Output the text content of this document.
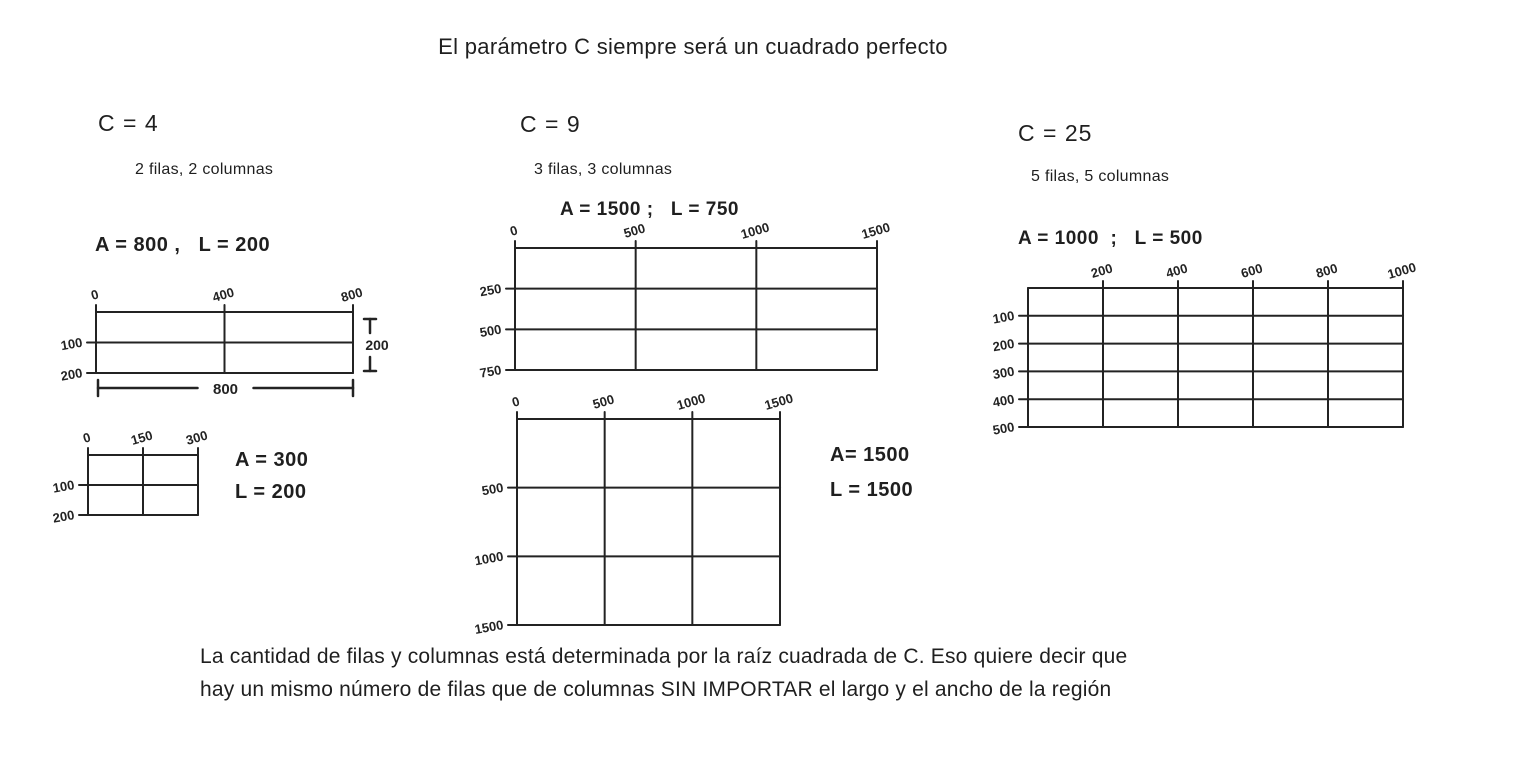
El parámetro C siempre será un cuadrado perfecto
C = 4
2 filas, 2 columnas
A = 800 ,   L = 200
C = 9
3 filas, 3 columnas
A = 1500 ;   L = 750
C = 25
5 filas, 5 columnas
A = 1000  ;   L = 500
0	400	800
100
200
200
800
0	150 300
100
200
A = 300
L = 200
0	500	1000	1500
250
500
750
0	500	1000	1500
500
1000
1500
A= 1500
L = 1500
200	400	600	800	1000
100
200
300
400
500
La cantidad de filas y columnas está determinada por la raíz cuadrada de C. Eso quiere decir que
hay un mismo número de filas que de columnas SIN IMPORTAR el largo y el ancho de la región
